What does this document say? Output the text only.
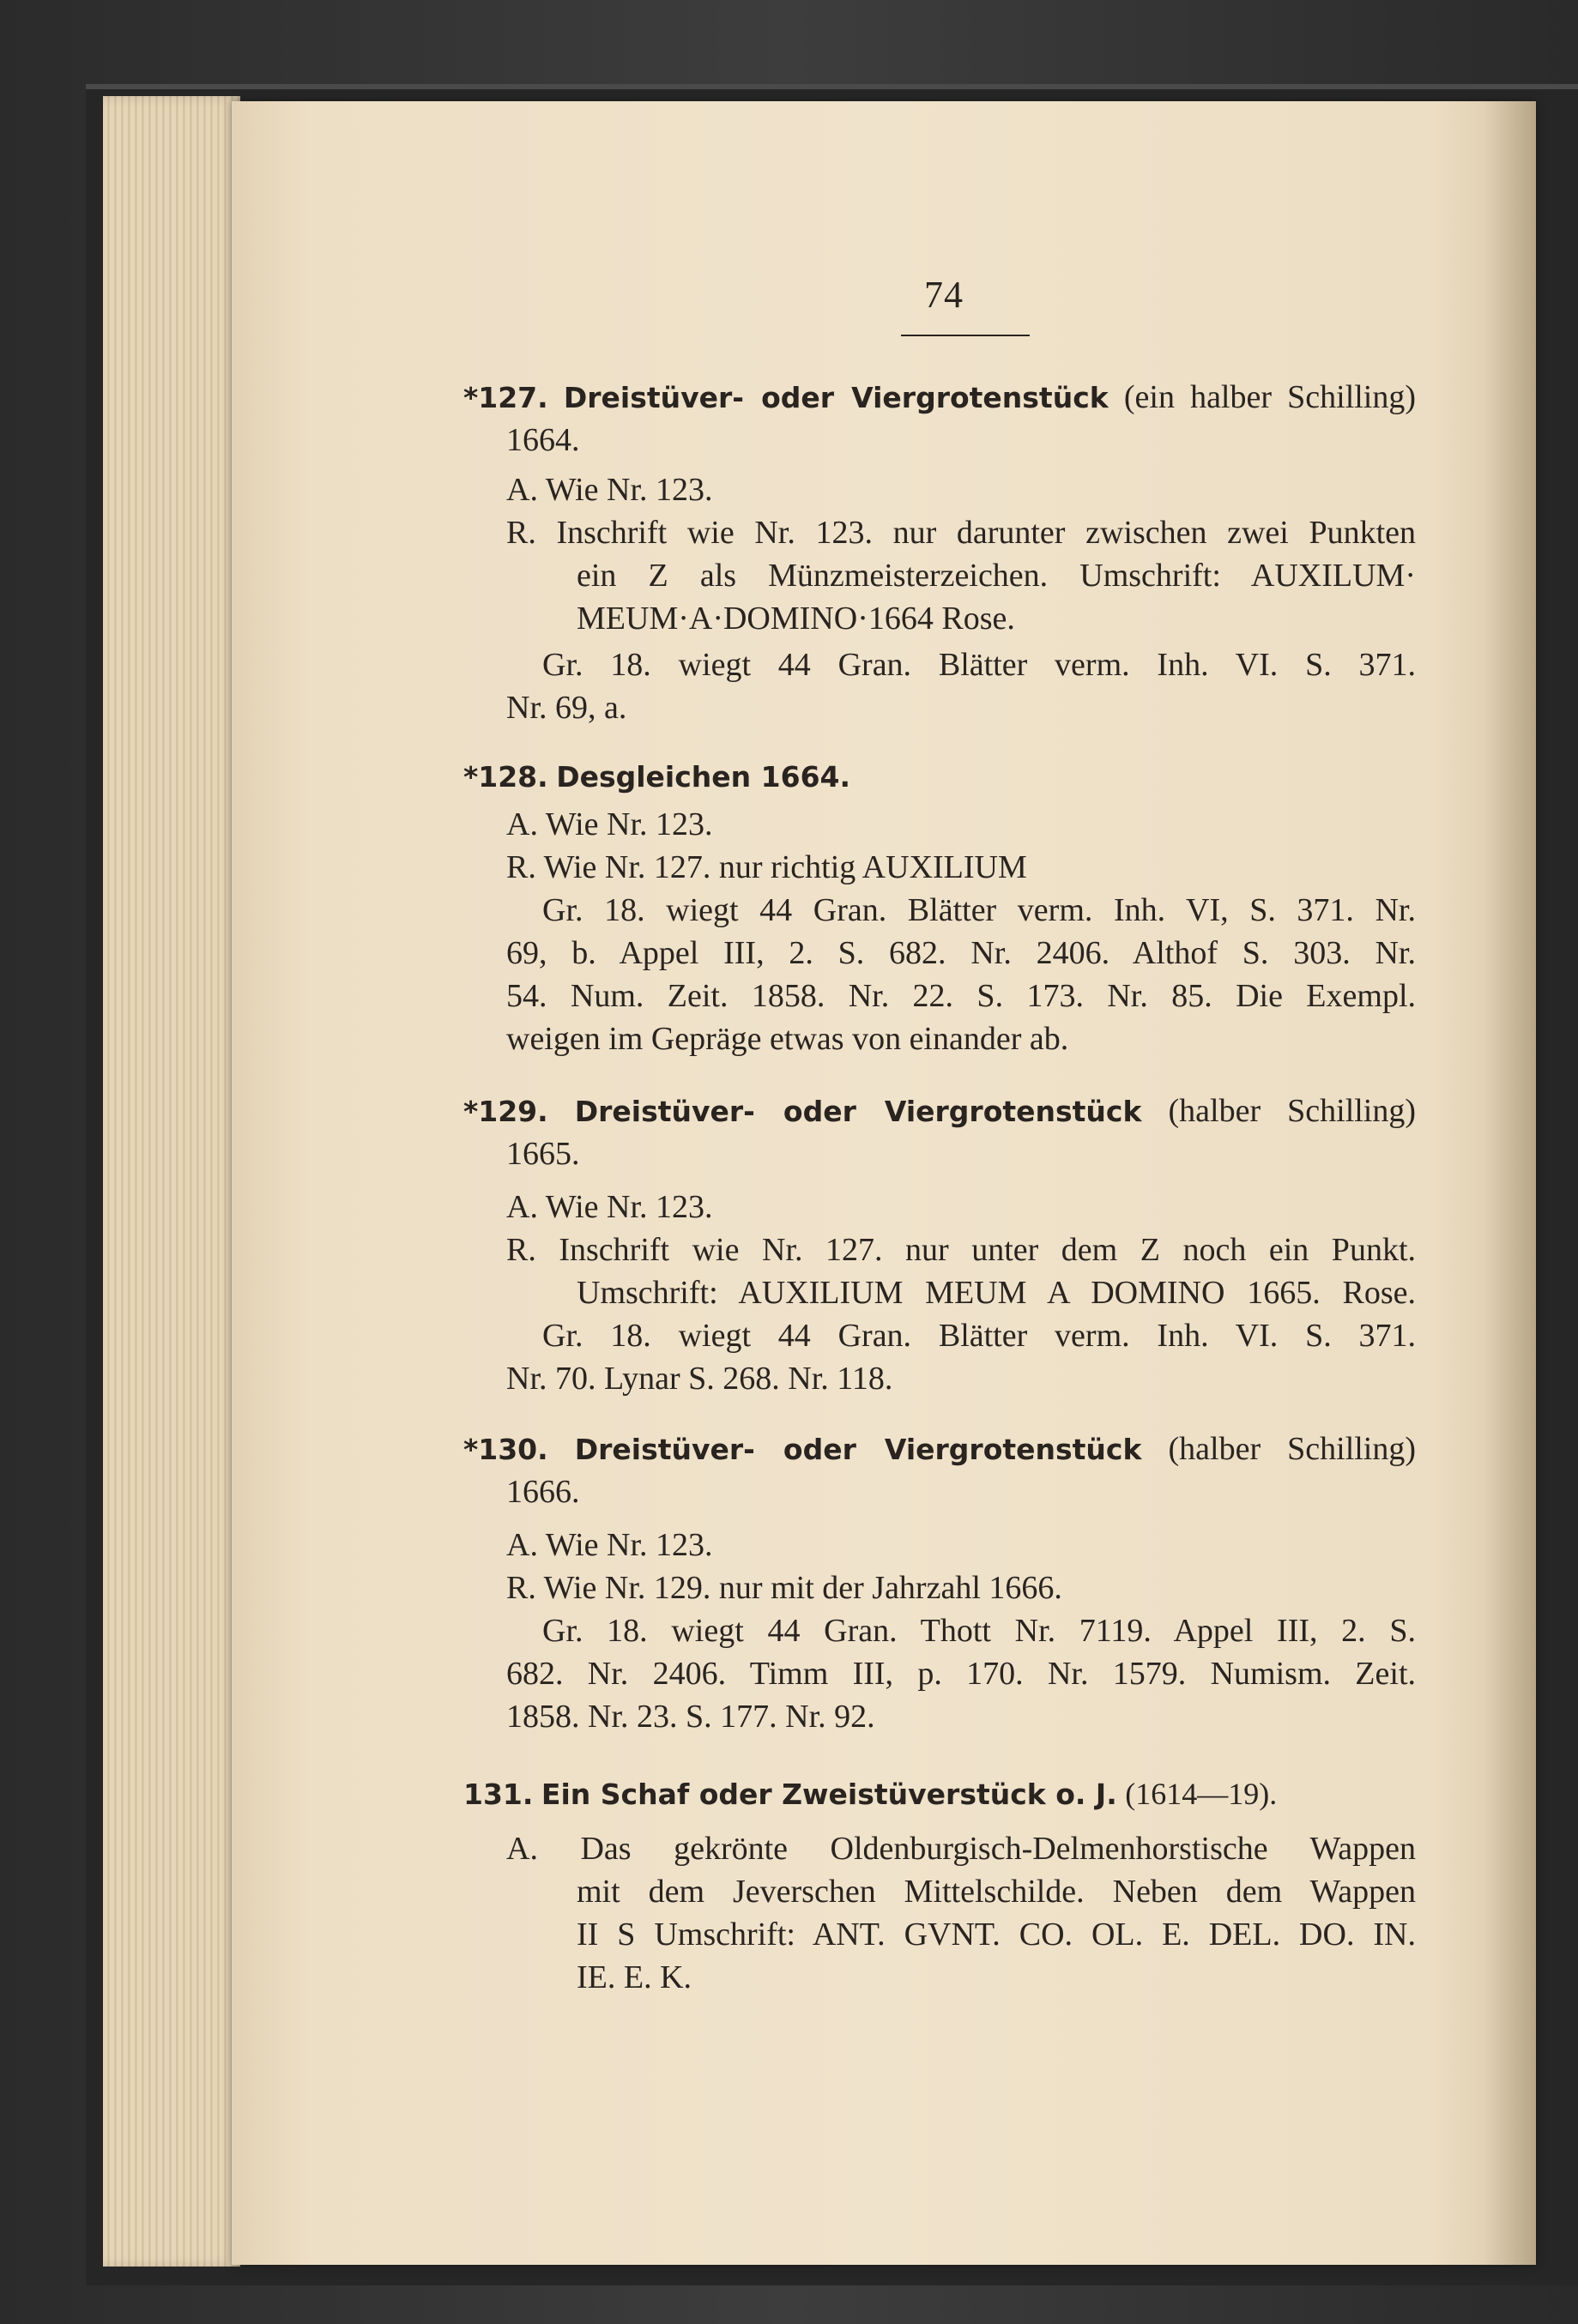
74
*127. Dreistüver- oder Viergrotenstück (ein halber Schilling)
1664.
A. Wie Nr. 123.
R. Inschrift wie Nr. 123. nur darunter zwischen zwei Punkten
ein Z als Münzmeisterzeichen. Umschrift: AUXILUM·
MEUM·A·DOMINO·1664 Rose.
Gr. 18. wiegt 44 Gran. Blätter verm. Inh. VI. S. 371.
Nr. 69, a.
*128. Desgleichen 1664.
A. Wie Nr. 123.
R. Wie Nr. 127. nur richtig AUXILIUM
Gr. 18. wiegt 44 Gran. Blätter verm. Inh. VI, S. 371. Nr.
69, b. Appel III, 2. S. 682. Nr. 2406. Althof S. 303. Nr.
54. Num. Zeit. 1858. Nr. 22. S. 173. Nr. 85. Die Exempl.
weigen im Gepräge etwas von einander ab.
*129. Dreistüver- oder Viergrotenstück (halber Schilling)
1665.
A. Wie Nr. 123.
R. Inschrift wie Nr. 127. nur unter dem Z noch ein Punkt.
Umschrift: AUXILIUM MEUM A DOMINO 1665. Rose.
Gr. 18. wiegt 44 Gran. Blätter verm. Inh. VI. S. 371.
Nr. 70. Lynar S. 268. Nr. 118.
*130. Dreistüver- oder Viergrotenstück (halber Schilling)
1666.
A. Wie Nr. 123.
R. Wie Nr. 129. nur mit der Jahrzahl 1666.
Gr. 18. wiegt 44 Gran. Thott Nr. 7119. Appel III, 2. S.
682. Nr. 2406. Timm III, p. 170. Nr. 1579. Numism. Zeit.
1858. Nr. 23. S. 177. Nr. 92.
131. Ein Schaf oder Zweistüverstück o. J. (1614—19).
A. Das gekrönte Oldenburgisch-Delmenhorstische Wappen
mit dem Jeverschen Mittelschilde. Neben dem Wappen
II S Umschrift: ANT. GVNT. CO. OL. E. DEL. DO. IN.
IE. E. K.
